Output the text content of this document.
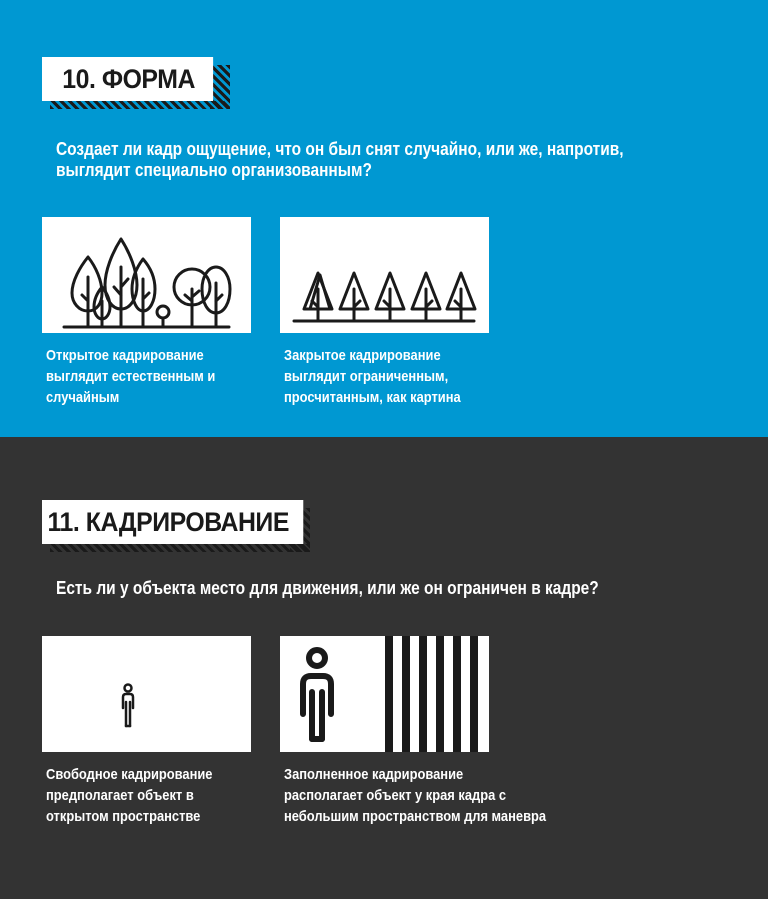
10. ФОРМА
Создает ли кадр ощущение, что он был снят случайно, или же, напротив,
выглядит специально организованным?
Открытое кадрирование
выглядит естественным и
случайным
Закрытое кадрирование
выглядит ограниченным,
просчитанным, как картина
11. КАДРИРОВАНИЕ
Есть ли у объекта место для движения, или же он ограничен в кадре?
Свободное кадрирование
предполагает объект в
открытом пространстве
Заполненное кадрирование
располагает объект у края кадра с
небольшим пространством для маневра
